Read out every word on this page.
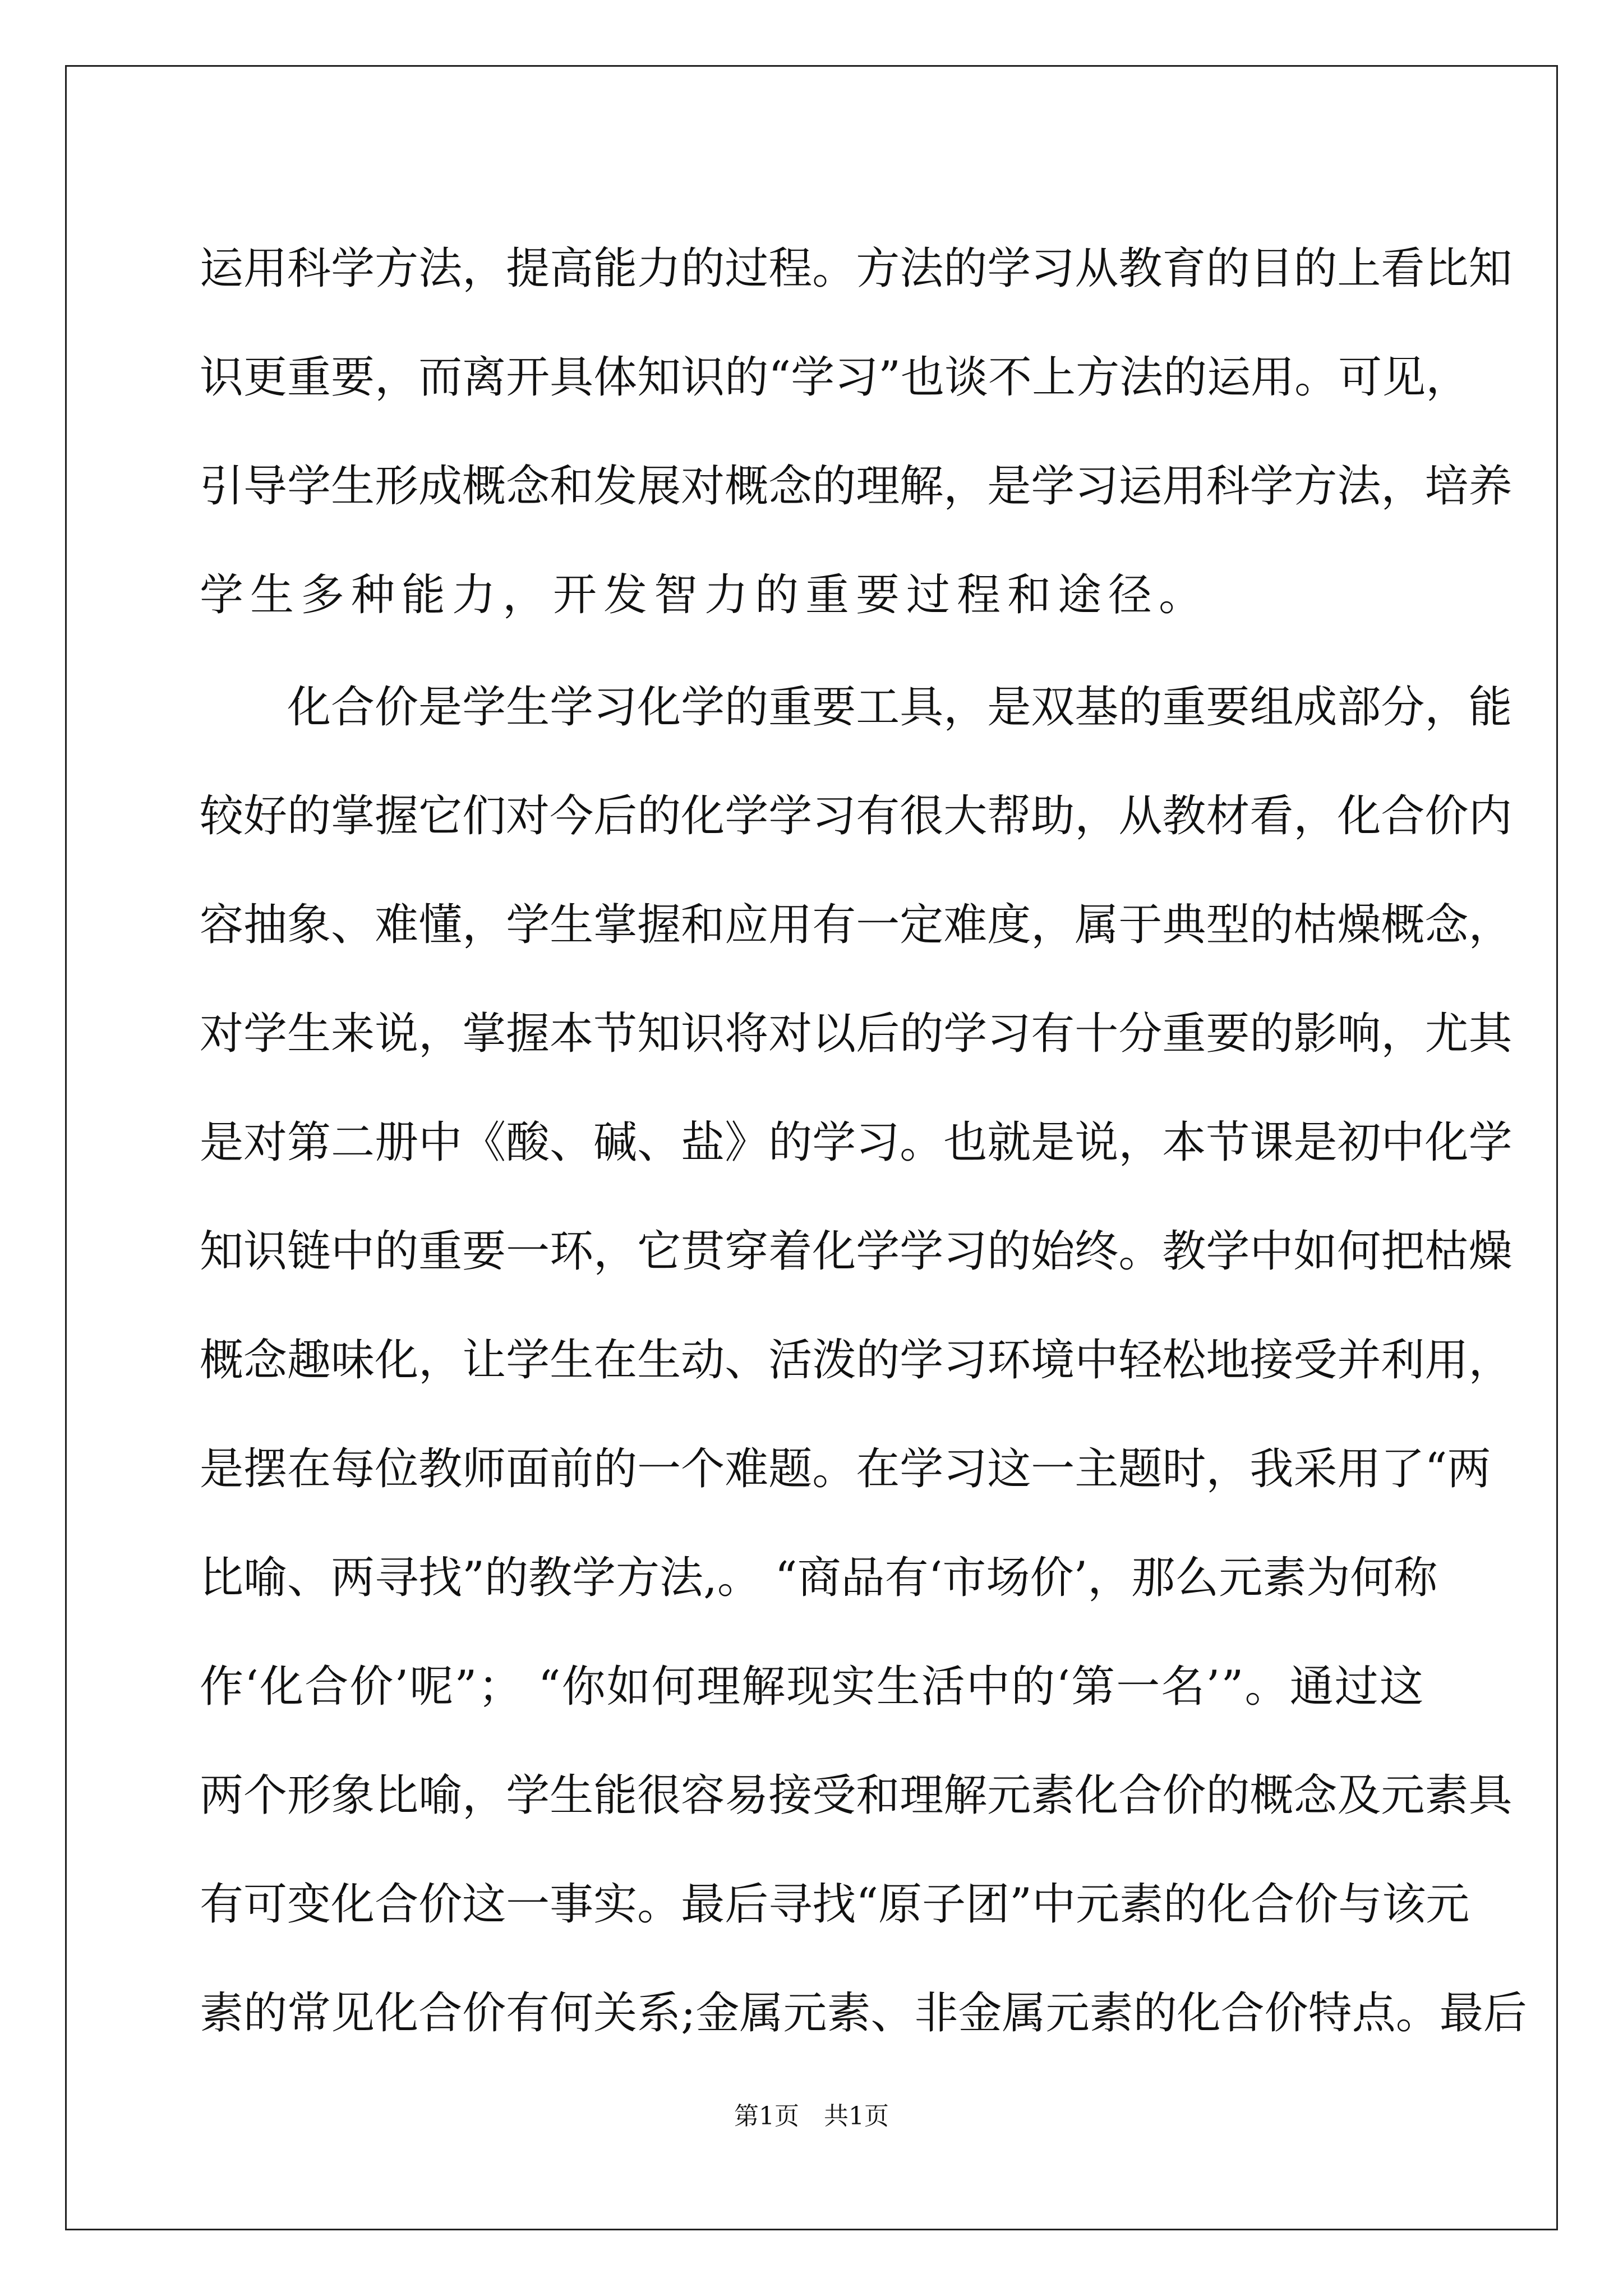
运 用 科 学 方 法 ， 提 高 能 力 的 过 程 。 方 法 的 学 习 从 教 育 的 目 的 上 看 比 知
识 更 重 要 ， 而 离 开 具 体 知 识 的 “ 学 习 ” 也 谈 不 上 方 法 的 运 用 。 可 见 ，
引 导 学 生 形 成 概 念 和 发 展 对 概 念 的 理 解 ， 是 学 习 运 用 科 学 方 法 ， 培 养
学生多种能力，开发智力的重要过程和途径。
化 合 价 是 学 生 学 习 化 学 的 重 要 工 具 ， 是 双 基 的 重 要 组 成 部 分 ， 能
较 好 的 掌 握 它 们 对 今 后 的 化 学 学 习 有 很 大 帮 助 ， 从 教 材 看 ， 化 合 价 内
容 抽 象 、 难 懂 ， 学 生 掌 握 和 应 用 有 一 定 难 度 ， 属 于 典 型 的 枯 燥 概 念 ，
对 学 生 来 说 ， 掌 握 本 节 知 识 将 对 以 后 的 学 习 有 十 分 重 要 的 影 响 ， 尤 其
是 对 第 二 册 中 《 酸 、 碱 、 盐 》 的 学 习 。 也 就 是 说 ， 本 节 课 是 初 中 化 学
知 识 链 中 的 重 要 一 环 ， 它 贯 穿 着 化 学 学 习 的 始 终 。 教 学 中 如 何 把 枯 燥
概 念 趣 味 化 ， 让 学 生 在 生 动 、 活 泼 的 学 习 环 境 中 轻 松 地 接 受 并 利 用 ，
是 摆 在 每 位 教 师 面 前 的 一 个 难 题 。 在 学 习 这 一 主 题 时 ， 我 采 用 了 “ 两
比 喻 、 两 寻 找 ” 的 教 学 方 法 , 。
“ 商 品 有 ‘ 市 场 价 ’ ， 那 么 元 素 为 何 称
作 ‘ 化 合 价 ’ 呢 ” ；
“ 你 如 何 理 解 现 实 生 活 中 的 ‘ 第 一 名 ’ ” 。 通 过 这
两 个 形 象 比 喻 ， 学 生 能 很 容 易 接 受 和 理 解 元 素 化 合 价 的 概 念 及 元 素 具
有 可 变 化 合 价 这 一 事 实 。 最 后 寻 找 “ 原 子 团 ” 中 元 素 的 化 合 价 与 该 元
素 的 常 见 化 合 价 有 何 关 系 ; 金 属 元 素 、 非 金 属 元 素 的 化 合 价 特 点 。 最 后
第1页　共1页
